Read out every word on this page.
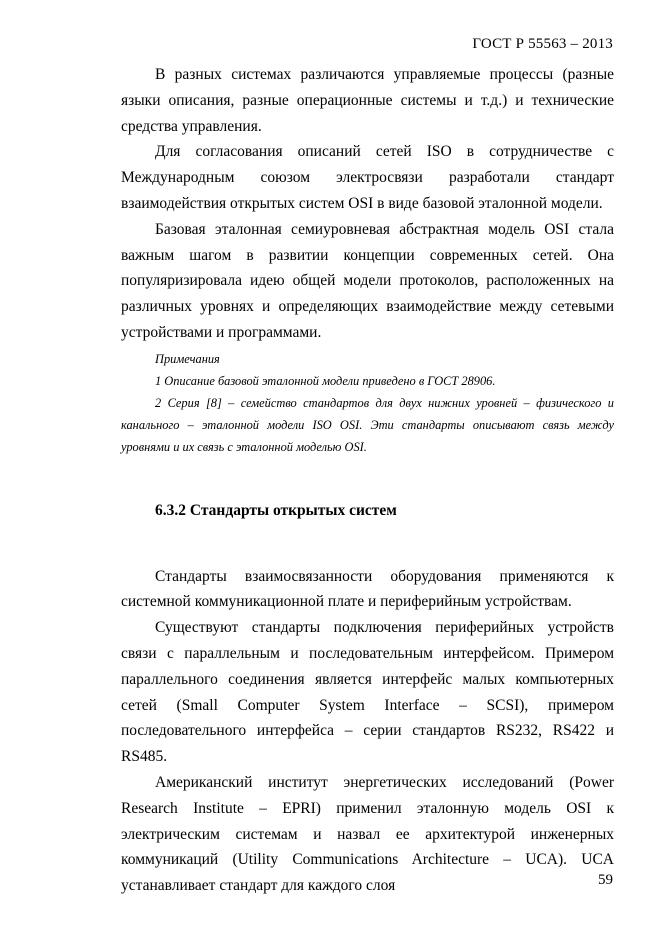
ГОСТ Р 55563 – 2013

В разных системах различаются управляемые процессы (разные языки описания, разные операционные системы и т.д.) и технические средства управления.

Для согласования описаний сетей ISO в сотрудничестве с Международным союзом электросвязи разработали стандарт взаимодействия открытых систем OSI в виде базовой эталонной модели.

Базовая эталонная семиуровневая абстрактная модель OSI стала важным шагом в развитии концепции современных сетей. Она популяризировала идею общей модели протоколов, расположенных на различных уровнях и определяющих взаимодействие между сетевыми устройствами и программами.

Примечания

1 Описание базовой эталонной модели приведено в ГОСТ 28906.

2 Серия [8] – семейство стандартов для двух нижних уровней – физического и канального – эталонной модели ISO OSI. Эти стандарты описывают связь между уровнями и их связь с эталонной моделью OSI.

6.3.2 Стандарты открытых систем

Стандарты взаимосвязанности оборудования применяются к системной коммуникационной плате и периферийным устройствам.

Существуют стандарты подключения периферийных устройств связи с параллельным и последовательным интерфейсом. Примером параллельного соединения является интерфейс малых компьютерных сетей (Small Computer System Interface – SCSI), примером последовательного интерфейса – серии стандартов RS232, RS422 и RS485.

Американский институт энергетических исследований (Power Research Institute – EPRI) применил эталонную модель OSI к электрическим системам и назвал ее архитектурой инженерных коммуникаций (Utility Communications Architecture – UCA). UCA устанавливает стандарт для каждого слоя	59
